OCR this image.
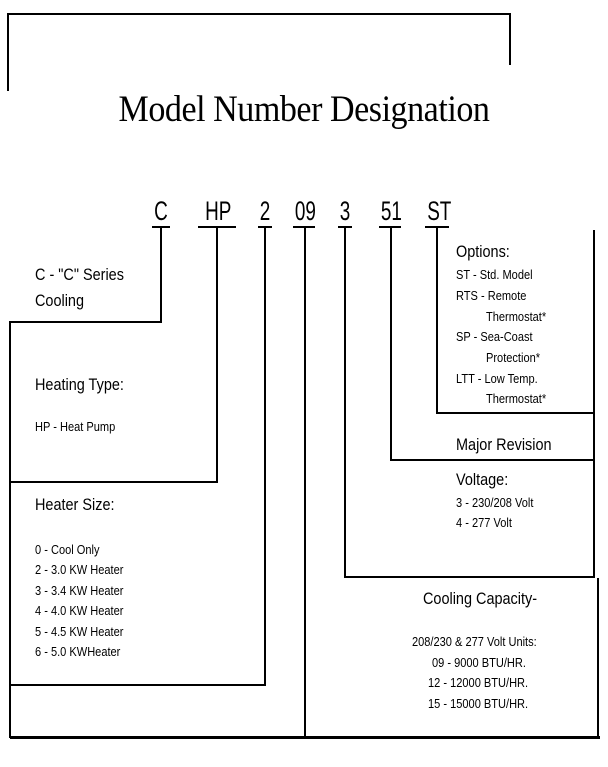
Model Number Designation
C HP 2 09 3 51 ST
C - "C" Series
Cooling
Heating Type:
HP - Heat Pump
Heater Size:
0 - Cool Only
2 - 3.0 KW Heater
3 - 3.4 KW Heater
4 - 4.0 KW Heater
5 - 4.5 KW Heater
6 - 5.0 KWHeater
Options:
ST - Std. Model
RTS - Remote
Thermostat*
SP - Sea-Coast
Protection*
LTT - Low Temp.
Thermostat*
Major Revision
Voltage:
3 - 230/208 Volt
4 - 277 Volt
Cooling Capacity-
208/230 & 277 Volt Units:
09 - 9000 BTU/HR.
12 - 12000 BTU/HR.
15 - 15000 BTU/HR.
